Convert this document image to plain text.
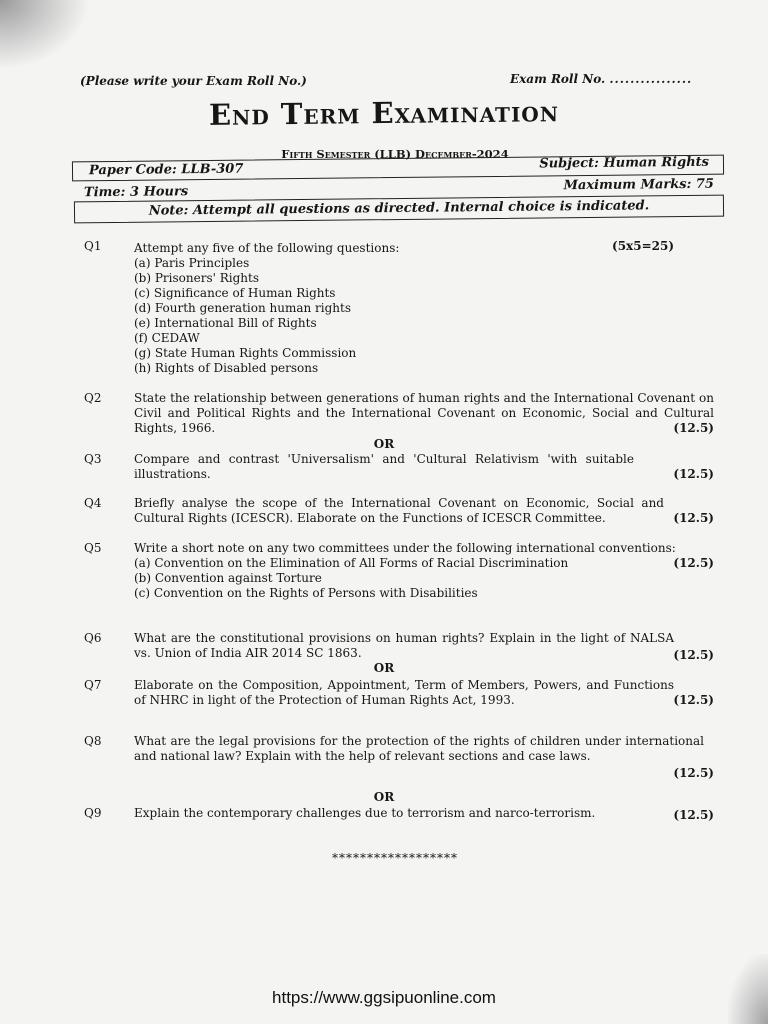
(Please write your Exam Roll No.)	Exam Roll No. ................
End Term Examination
Fifth Semester (LLB) December-2024
Paper Code: LLB-307	Subject: Human Rights
Time: 3 Hours	Maximum Marks: 75
Note: Attempt all questions as directed. Internal choice is indicated.
Q1	Attempt any five of the following questions:
(a) Paris Principles
(b) Prisoners' Rights
(c) Significance of Human Rights
(d) Fourth generation human rights
(e) International Bill of Rights
(f) CEDAW
(g) State Human Rights Commission
(h) Rights of Disabled persons
(5x5=25)
Q2	State the relationship between generations of human rights and the International Covenant on Civil and Political Rights and the International Covenant on Economic, Social and Cultural Rights, 1966.	(12.5)
OR
Q3	Compare and contrast 'Universalism' and 'Cultural Relativism 'with suitable illustrations.	(12.5)
Q4	Briefly analyse the scope of the International Covenant on Economic, Social and Cultural Rights (ICESCR). Elaborate on the Functions of ICESCR Committee.	(12.5)
Q5	Write a short note on any two committees under the following international conventions:
(a) Convention on the Elimination of All Forms of Racial Discrimination
(b) Convention against Torture
(c) Convention on the Rights of Persons with Disabilities
(12.5)
Q6	What are the constitutional provisions on human rights? Explain in the light of NALSA vs. Union of India AIR 2014 SC 1863.	(12.5)
OR
Q7	Elaborate on the Composition, Appointment, Term of Members, Powers, and Functions of NHRC in light of the Protection of Human Rights Act, 1993.	(12.5)
Q8	What are the legal provisions for the protection of the rights of children under international and national law? Explain with the help of relevant sections and case laws.
(12.5)
OR
Q9	Explain the contemporary challenges due to terrorism and narco-terrorism.	(12.5)
******************
https://www.ggsipuonline.com
